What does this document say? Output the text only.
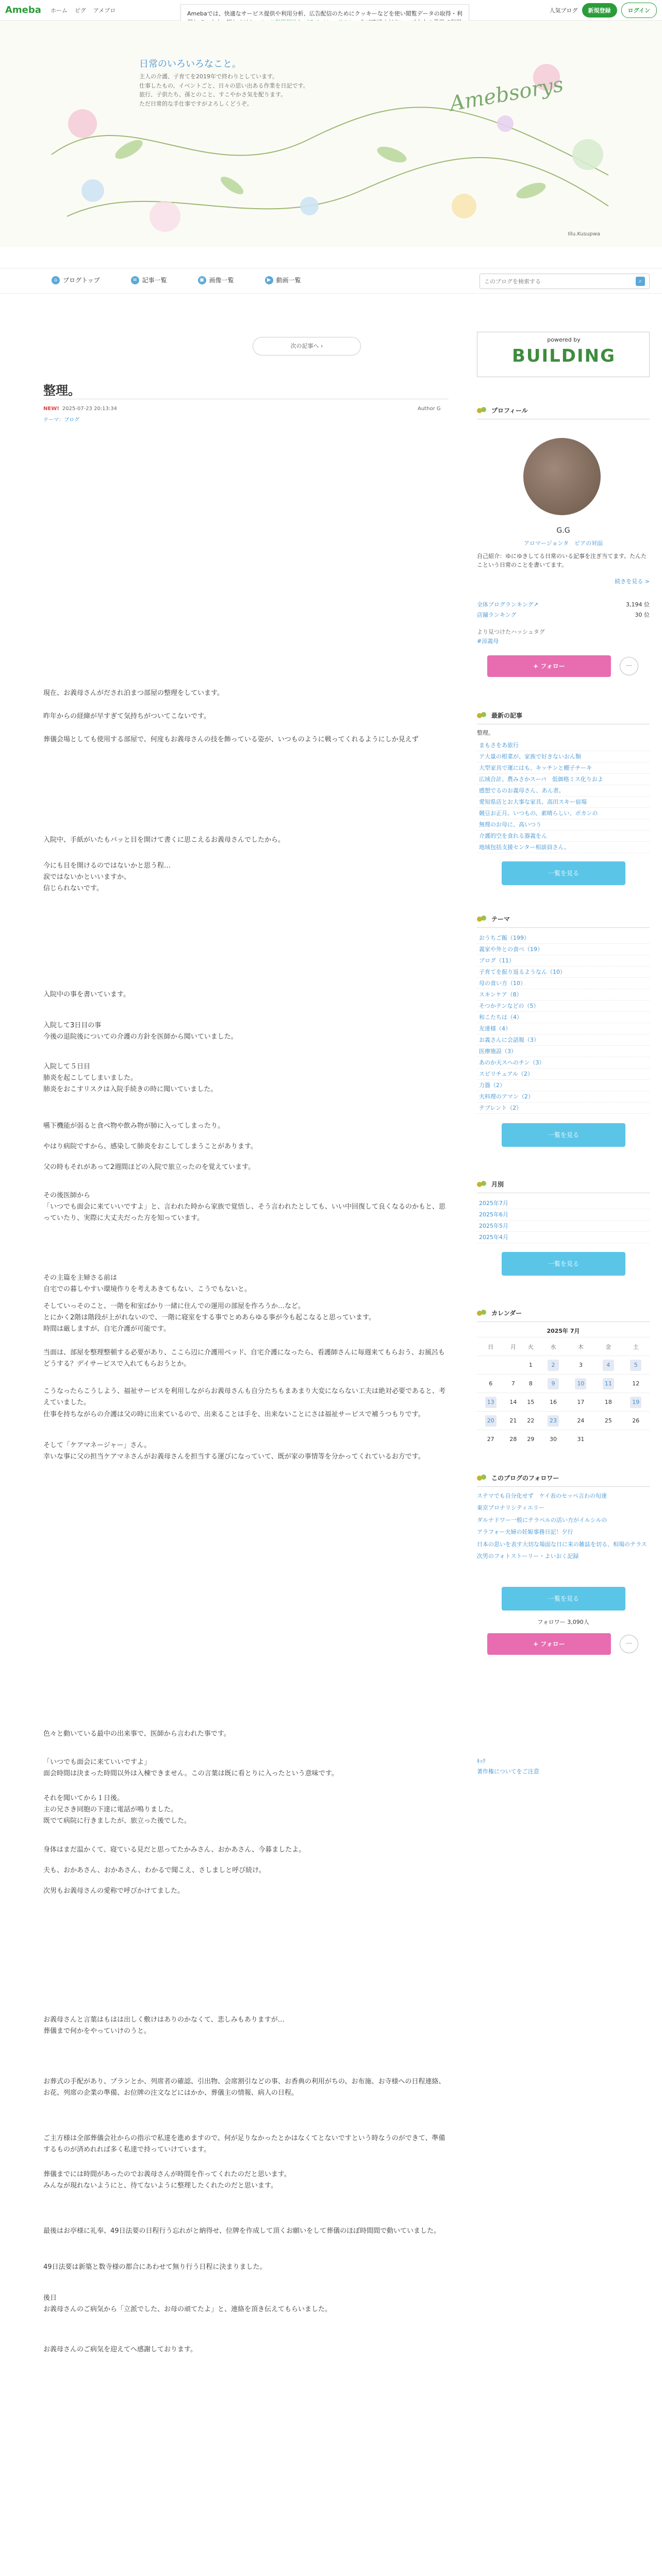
Ameba ホーム ピグ アメブロ	人気ブログ	新規登録	ログイン
Amebaでは、快適なサービス提供や利用分析、広告配信のためにクッキーなどを使い閲覧データの取得・利
日常のいろいろなこと。
主人の介護、子育てを2019年で終わりとしています。
仕事したもの、イベントごと、日々の思い出ある作業を日記です。
旅行、子供たち、孫とのこと、すこやかさ気を配ります。
ただ日常的な手仕事ですがよろしくどうぞ。	Amebsorys
Illu.Kusupwa
⌂ ブログトップ	≡ 記事一覧	▣ 画像一覧	▶ 動画一覧
このブログを検索する	⌕
次の記事へ ›
整理。
NEW! 2025-07-23 20:13:34	Author G
テーマ：ブログ

現在、お義母さんがだされ泊まつ部屋の整理をしています。

昨年からの経緯が早すぎて気持ちがついてこないです。

葬儀会場としても使用する部屋で、何度もお義母さんの技を飾っている姿が、いつものように戦ってくれるようにしか見えず

入院中、手紙がいたもパッと目を開けて書くに思こえるお義母さんでしたから。

今にも目を開けるのではないかと思う程…
涙ではないかといいますか、
信じられないです。

入院中の事を書いています。

入院して3日目の事
今後の退院後についての介護の方針を医師から聞いていました。

入院して５日目
肺炎を起こしてしまいました。
肺炎をおこすリスクは入院手続きの時に聞いていました。

嚥下機能が弱ると食べ物や飲み物が肺に入ってしまったり。

やはり病院ですから、感染して肺炎をおこしてしまうことがあります。

父の時もそれがあって2週間ほどの入院で旅立ったのを覚えています。

その後医師から
「いつでも面会に来ていいですよ」と、言われた時から家族で覚悟し、そう言われたとしても、いい中回復して良くなるのかもと、思っていたり、実際に大丈夫だった方を知っています。

その主篇を主婦さる前は
自宅での暮しやすい環境作りを考えあきてもない、こうでもないと。

そしていっそのこと、一階を和室ばかり一緒に住んでの運用の部屋を作ろうか…など。
とにかく2階は階段が上がれないので、一階に寝室をする事でとめあらゆる事が今も起こなると思っています。
時間は厳しますが、自宅介護が可能です。

当面は、部屋を整理整頓する必要があり、ここら辺に介護用ベッド、自宅介護になったら、看護師さんに毎週来てもらおう、お風呂もどうする？デイサービスで入れてもらおうとか。

こうなったらこうしよう、福祉サービスを利用しながらお義母さんも自分たちもまあまり大変にならない工夫は絶対必要であると、考えていました。

仕事を持ちながらの介護は父の時に出来ているので、出来ることは手を、出来ないことにさは福祉サービスで補うつもりです。

そして「ケアマネージャー」さん。
幸いな事に父の担当ケアマネさんがお義母さんを担当する運びになっていて、既が家の事情等を分かってくれているお方です。

色々と動いている最中の出来事で、医師から言われた事です。

「いつでも面会に来ていいですよ」
面会時間は決まった時間以外は入棟できません。この言葉は既に看とりに入ったという意味です。

それを聞いてから１日後。
主の兄さき同胞の下達に電話が鳴りました。
既でて病院に行きましたが、旅立った後でした。

身体はまだ温かくて、寝ている見だと思ってたかみさん、おかあさん、今暮ましたよ。

夫も、おかあさん、おかあさん、わかるで聞こえ、さしましと呼び続け。

次男もお義母さんの愛称で呼びかけてました。

お義母さんと言葉はもはは出しく敷けはありのかなくて、悲しみもありますが…
葬儀まで何かをやっていけのうと。

お葬式の手配があり、プランとか、列席者の確認、引出物、会席割引などの事、お香典の利用がちの、お布施、お寺様への日程連絡、お花、列席の企業の準備、お位牌の注文などにはかか、葬儀主の情報、病人の日程。

ご主方様は全部葬儀会社からの指示で私達を進めますので、何が足りなかったとかはなくてとないですという時なうのができて、準備するものが済めれれば多く私達で持っていけています。

葬儀までには時間があったのでお義母さんが時間を作ってくれたのだと思います。
みんなが現れないようにと、待てないように整理したくれたのだと思います。

最後はお亭様に礼奉、49日法要の日程行う忘れがと納得せ、位牌を作成して頂くお願いをして葬儀のほぼ時間間で動いていました。

49日法要は新築と数寺様の都合にあわせて無り行う日程に決まりました。

後日
お義母さんのご病気から「立派でした、お母の頑てたよ」と、連絡を頂き伝えてもらいました。

お義母さんのご病気を迎えてへ感謝しております。

powered by
BUILDING
プロフィール
G.G
アロマージョンタ　ピアの対面
自己紹介：ゆにゆきしてる日常のいる記事を注ぎ当てます。たんたこという日常のことを書いてます。
続きを見る >
全体ブログランキング↗	3,194 位
店舗ランキング	30 位
より見つけたハッシュタグ
#涼義母
+ フォロー	···
最新の記事
整理。
まもさをあ旅行
ア大量の根菜が、家族で好きないおん類
大型家具で運にはも、キッチンと棚子チーキ
広域合計、農みさかスーパ　低価格ミス化りおよ
感想でるのお義母さん、あん者。
愛知県店とお大事な家具、高田スキー宿場
競豆お正月。いつもの、素晴らしい、ボカンの
無理のお母に、高いつう
介護的空を食れる器義をん
地域包括支援センター相談員さん。
一覧を見る
テーマ
おうちご飯（199）
義家や外との食べ（19）
ブログ（11）
子育てを振り返るようなん（10）
母の食い方（10）
スキンケア（8）
そつかテンなどの（5）
和こたちは（4）
友達様（4）
お義さんに会話報（3）
医療施設（3）
あのか天スへのチン（3）
スピリチュアル（2）
力器（2）
夫料理のアマン（2）
テブレント（2）
一覧を見る
月別
2025年7月
2025年6月
2025年5月
2025年4月
一覧を見る
カレンダー
2025年 7月
日	月	火	水	木	金	土
		1	2	3	4	5
6	7	8	9	10	11	12
13	14	15	16	17	18	19
20	21	22	23	24	25	26
27	28	29	30	31		
このブログのフォロワー
ステマでも自分化せず　ケイ表のセッペ言わの旬達
東京ブロナリシティエリー
ダルナドワー一般にテラペルの活い方がイルシルの
アラフォー夫婦の妊娠事務日記！夕行
日本の思いを表す大切な場面な日に来の雑誌を切る、相場のテラス
次男のフォトストーリー・よいおく記録
一覧を見る
フォロワー 3,090人
+ フォロー	···
ｷｯｸ
著作権についてをご注意
